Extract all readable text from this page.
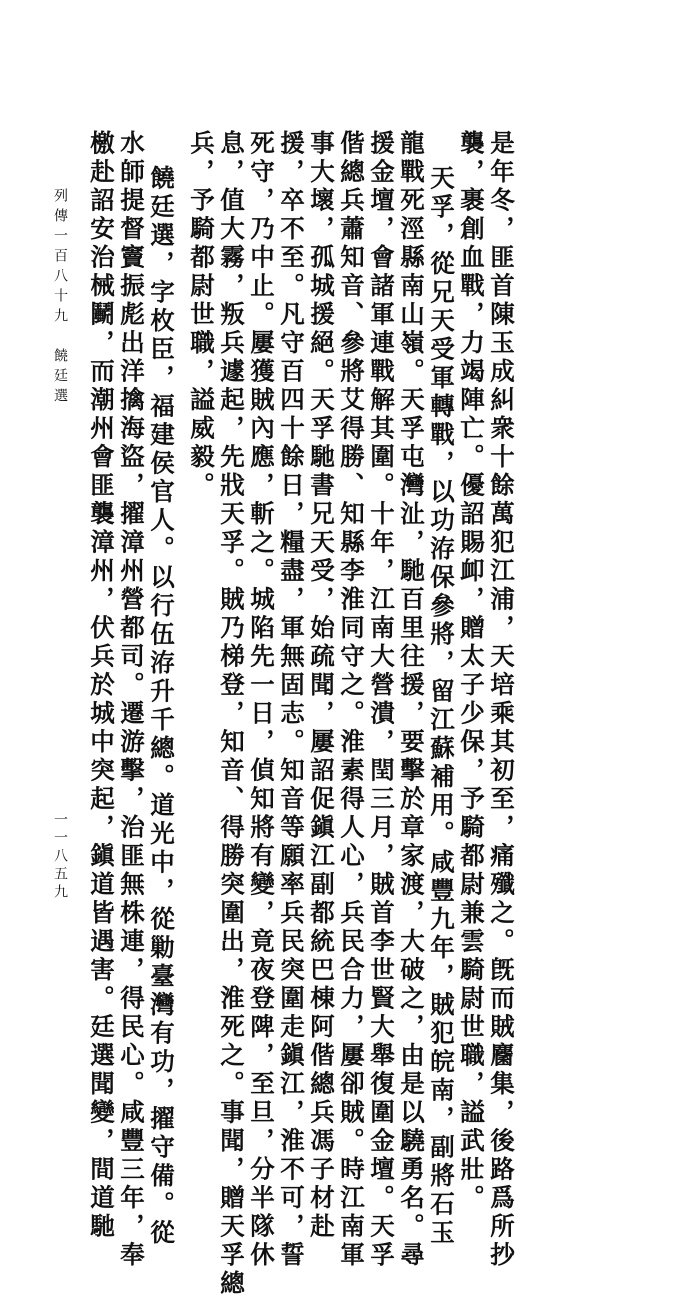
是年冬，匪首陳玉成糾衆十餘萬犯江浦，天培乘其初至，痛殲之。旣而賊麕集，後路爲所抄
襲，裹創血戰，力竭陣亡。優詔賜卹，贈太子少保，予騎都尉兼雲騎尉世職，謚武壯。
天孚，從兄天受軍轉戰，以功洊保參將，留江蘇補用。咸豐九年，賊犯皖南，副將石玉
龍戰死涇縣南山嶺。天孚屯灣沚，馳百里往援，要擊於章家渡，大破之，由是以驍勇名。尋
援金壇，會諸軍連戰解其圍。十年，江南大營潰，閏三月，賊首李世賢大舉復圍金壇。天孚
偕總兵蕭知音、參將艾得勝、知縣李淮同守之。淮素得人心，兵民合力，屢卻賊。時江南軍
事大壞，孤城援絕。天孚馳書兄天受，始疏聞，屢詔促鎭江副都統巴棟阿偕總兵馮子材赴
援，卒不至。凡守百四十餘日，糧盡，軍無固志。知音等願率兵民突圍走鎭江，淮不可，誓
死守，乃中止。屢獲賊內應，斬之。城陷先一日，偵知將有變，竟夜登陴，至旦，分半隊休
息，值大霧，叛兵遽起，先戕天孚。賊乃梯登，知音、得勝突圍出，淮死之。事聞，贈天孚總
兵，予騎都尉世職，謚威毅。
饒廷選，字枚臣，福建侯官人。以行伍洊升千總。道光中，從勦臺灣有功，擢守備。從
水師提督竇振彪出洋擒海盜，擢漳州營都司。遷游擊，治匪無株連，得民心。咸豐三年，奉
檄赴詔安治械鬭，而潮州會匪襲漳州，伏兵於城中突起，鎭道皆遇害。廷選聞變，間道馳
列傳一百八十九　饒廷選
一一八五九
